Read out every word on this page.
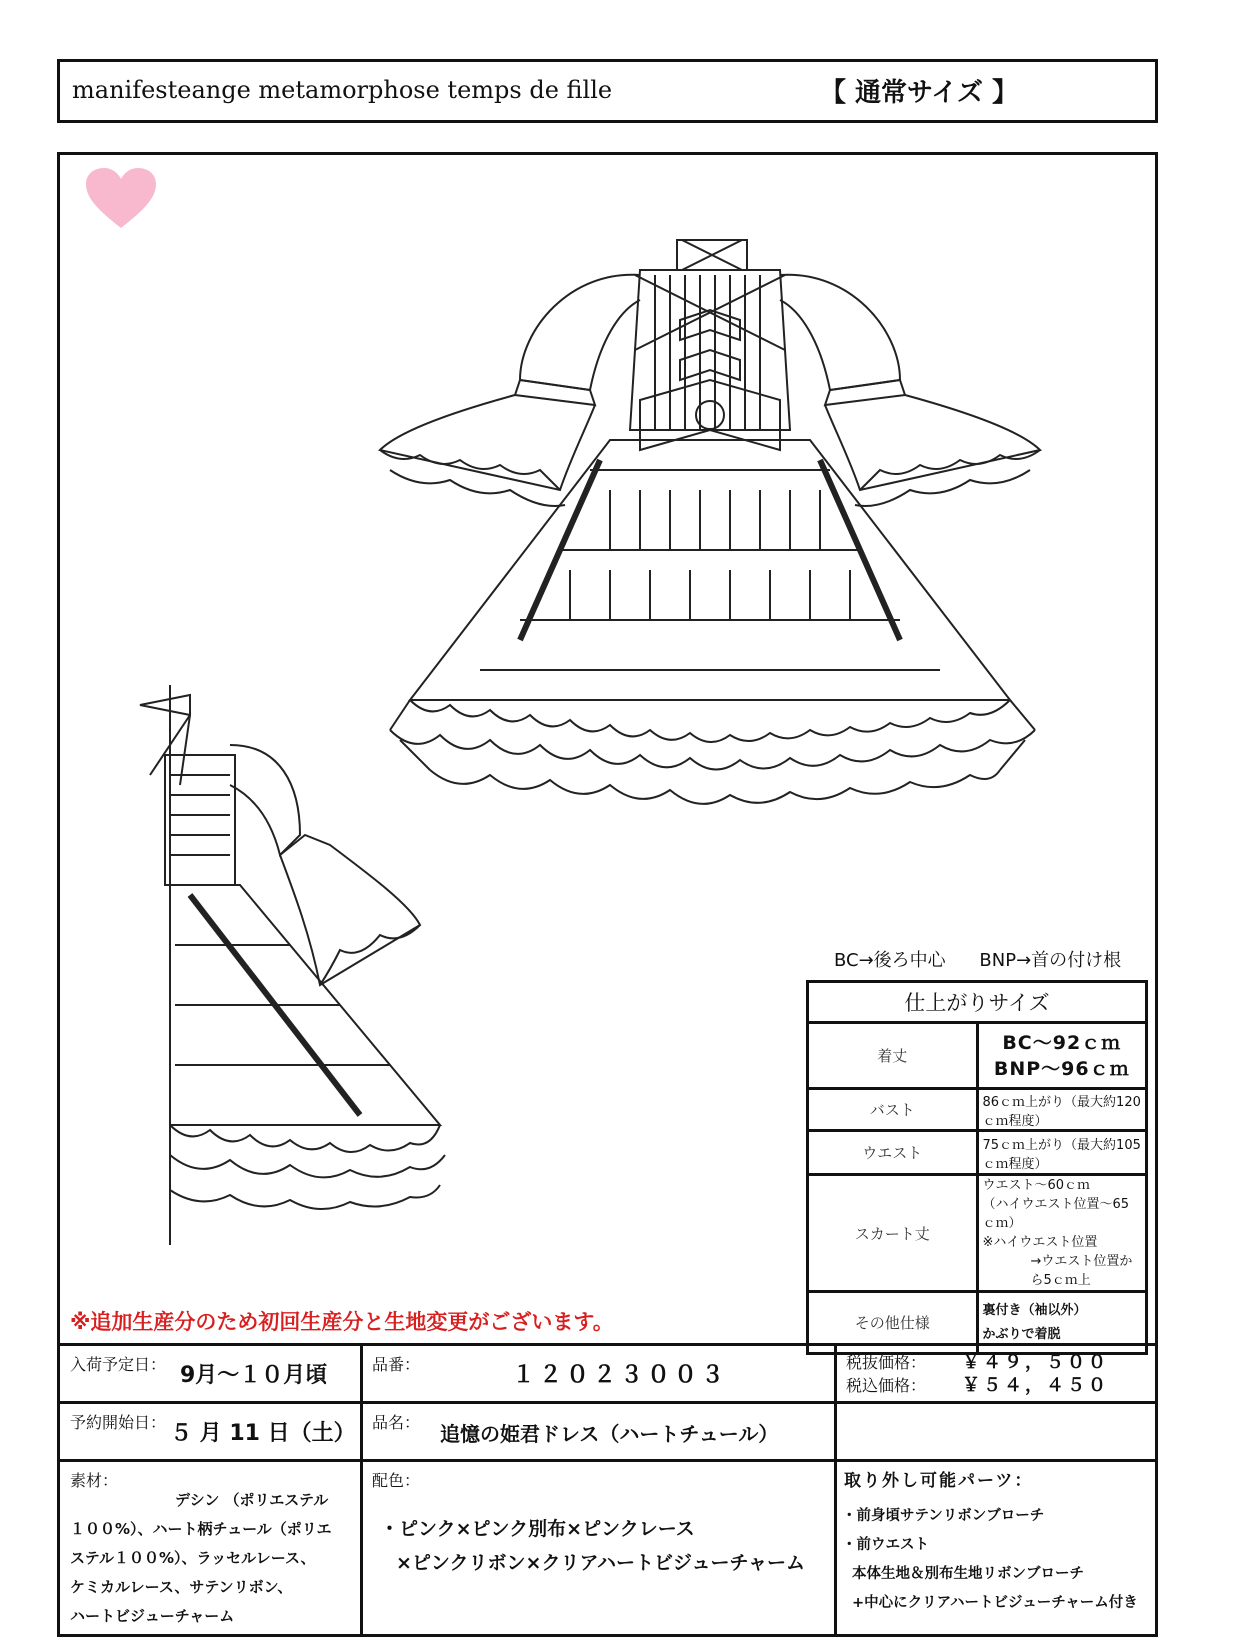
manifesteange metamorphose temps de fille	【 通常サイズ 】
BC→後ろ中心 BNP→首の付け根
仕上がりサイズ	
着丈	BC～92ｃｍ
BNP～96ｃｍ

バスト	86ｃｍ上がり（最大約120ｃｍ程度）
ウエスト	75ｃｍ上がり（最大約105ｃｍ程度）
スカート丈	ウエスト～60ｃｍ
（ハイウエスト位置～65ｃｍ）
※ハイウエスト位置
→ウエスト位置から5ｃｍ上

その他仕様	裏付き（袖以外）
かぶりで着脱
※追加生産分のため初回生産分と生地変更がございます。
入荷予定日： 9月～１０月頃	品番：	１２０２３００３	税抜価格： ￥４９，５００
税込価格： ￥５４，４５０
予約開始日： ５ 月 11 日（土） 品名： 追憶の姫君ドレス（ハートチュール）
素材：
デシン （ポリエステル
１００%）、ハート柄チュール（ポリエ
ステル１００%）、ラッセルレース、
ケミカルレース、サテンリボン、
ハートビジューチャーム
配色：
・ピンク×ピンク別布×ピンクレース
×ピンクリボン×クリアハートビジューチャーム
取り外し可能パーツ：
・前身頃サテンリボンブローチ
・前ウエスト
本体生地＆別布生地リボンブローチ
+中心にクリアハートビジューチャーム付き
